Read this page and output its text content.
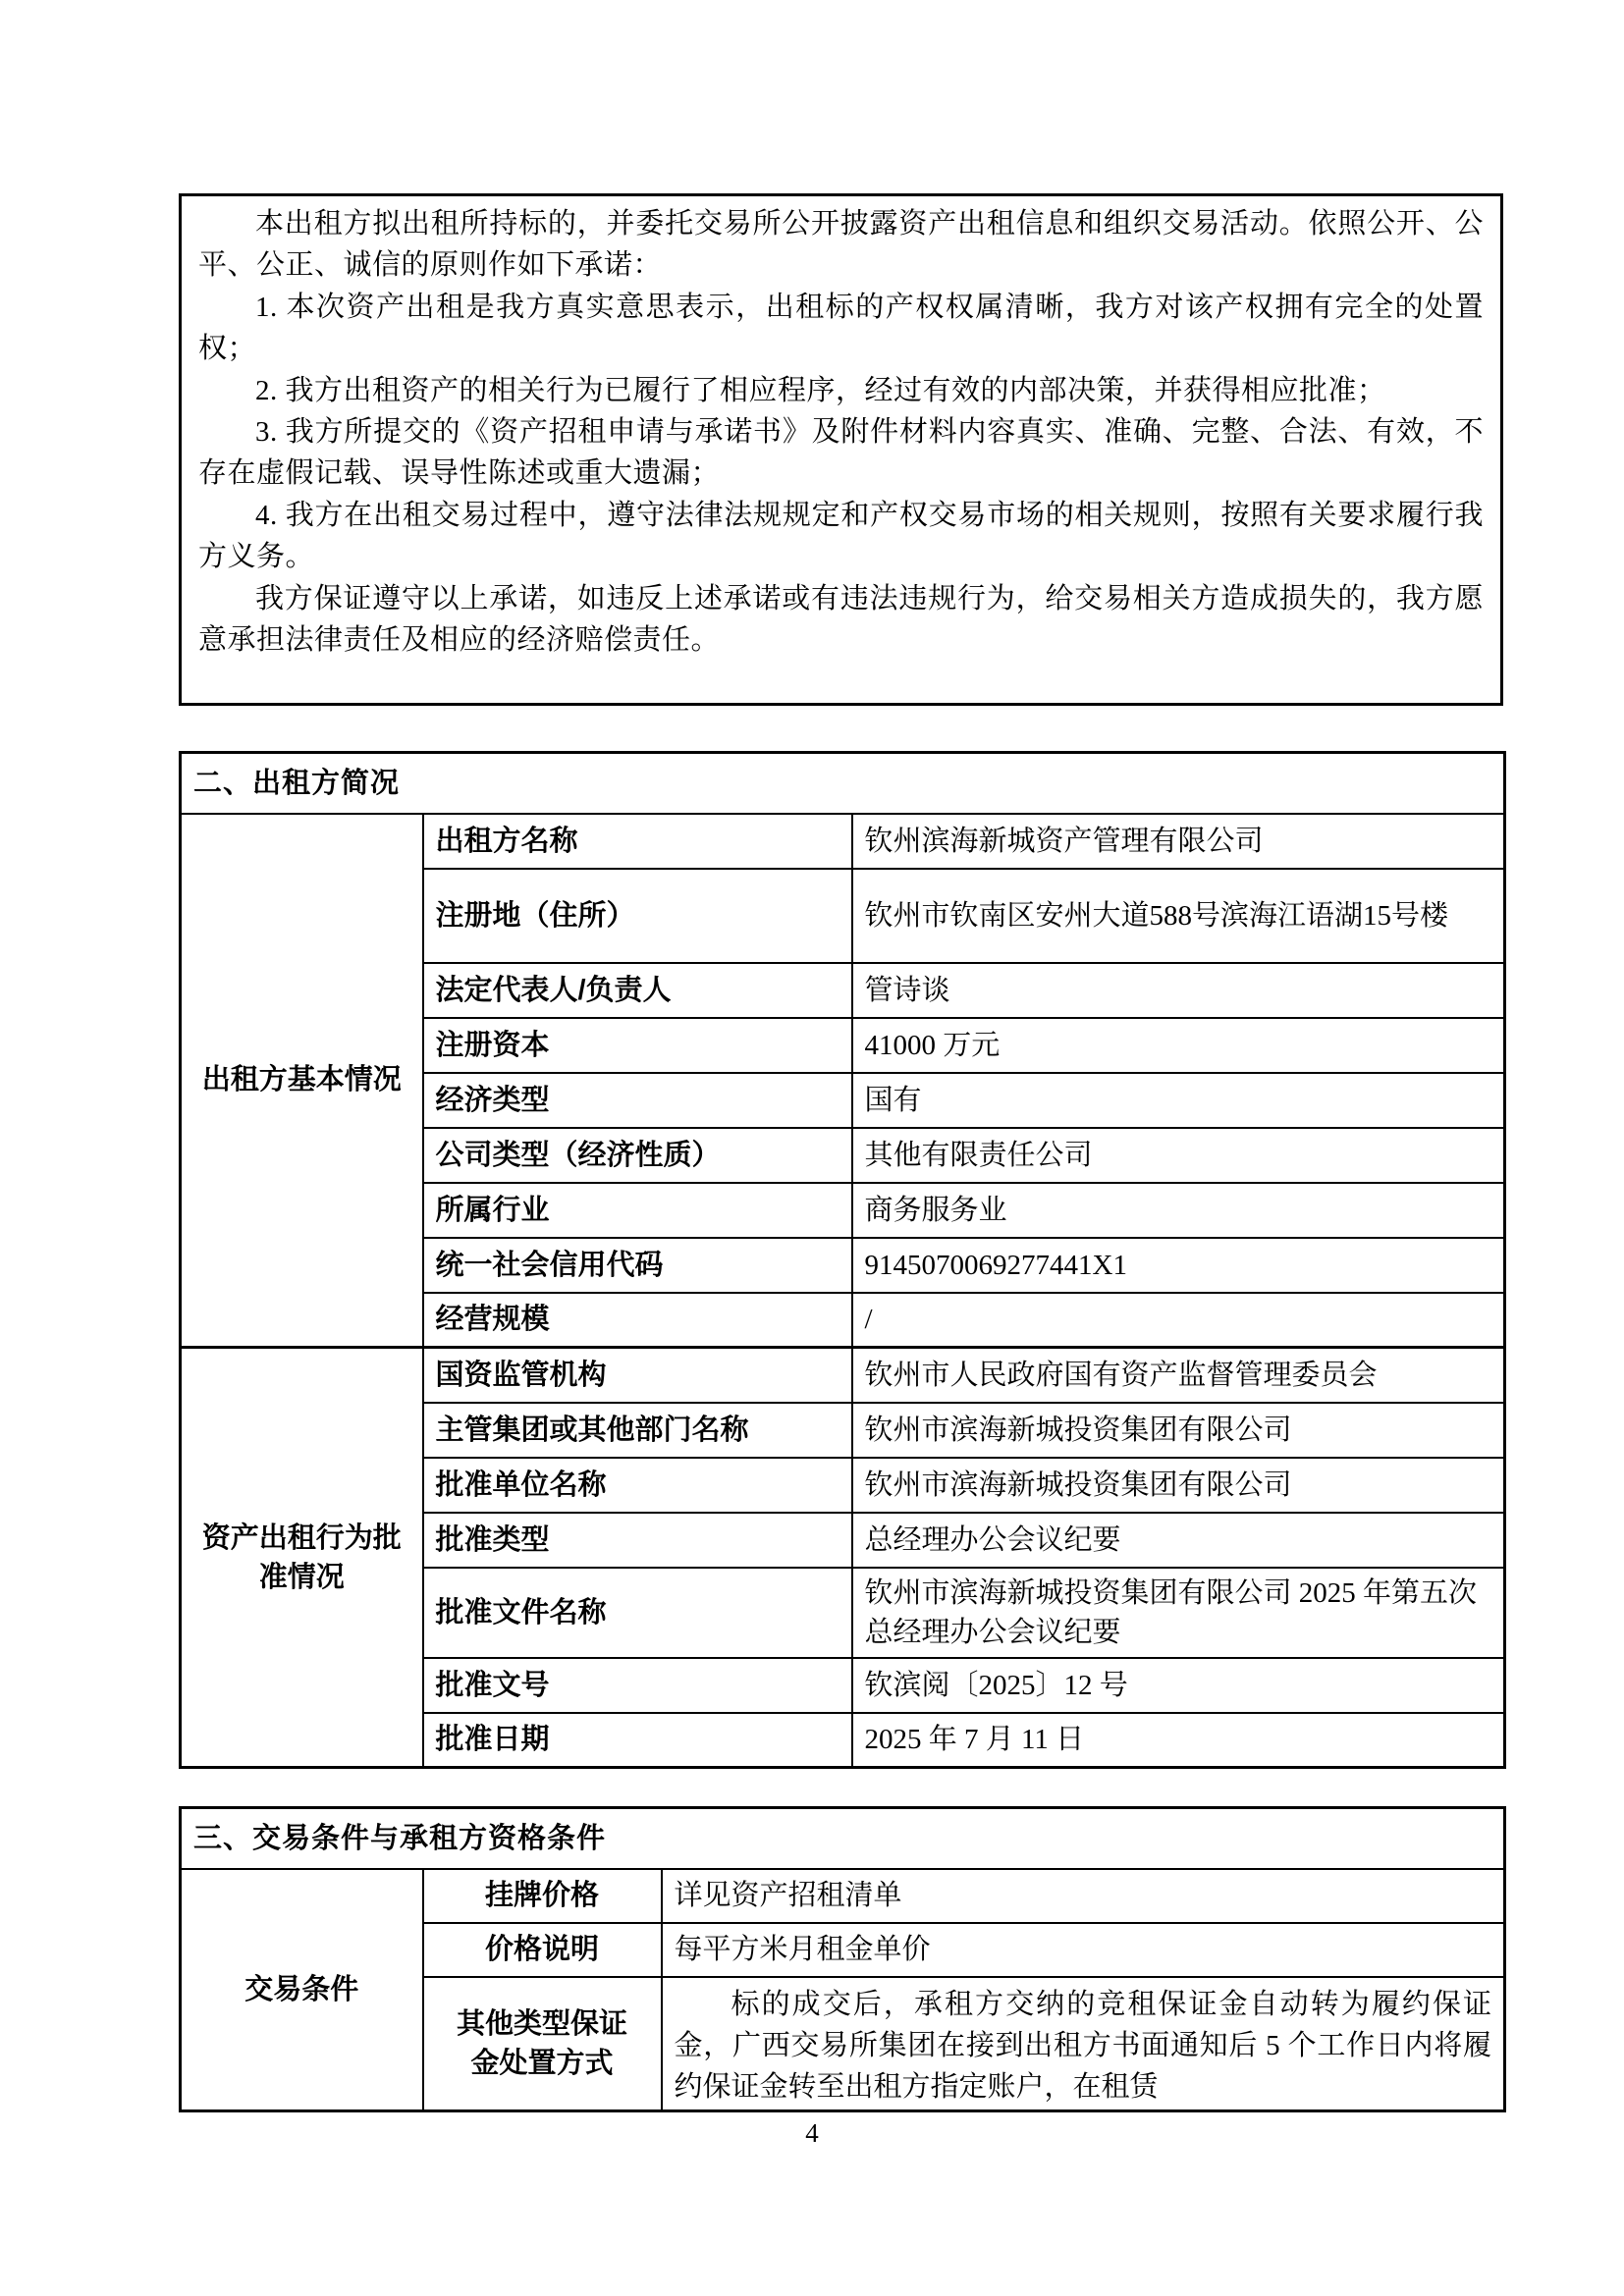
本出租方拟出租所持标的，并委托交易所公开披露资产出租信息和组织交易活动。依照公开、公平、公正、诚信的原则作如下承诺：

1. 本次资产出租是我方真实意思表示，出租标的产权权属清晰，我方对该产权拥有完全的处置权；

2. 我方出租资产的相关行为已履行了相应程序，经过有效的内部决策，并获得相应批准；

3. 我方所提交的《资产招租申请与承诺书》及附件材料内容真实、准确、完整、合法、有效，不存在虚假记载、误导性陈述或重大遗漏；

4. 我方在出租交易过程中，遵守法律法规规定和产权交易市场的相关规则，按照有关要求履行我方义务。

我方保证遵守以上承诺，如违反上述承诺或有违法违规行为，给交易相关方造成损失的，我方愿意承担法律责任及相应的经济赔偿责任。

二、出租方简况		
出租方基本情况	出租方名称	钦州滨海新城资产管理有限公司
	注册地（住所）	钦州市钦南区安州大道588号滨海江语湖15号楼
	法定代表人/负责人	管诗谈
	注册资本	41000 万元
	经济类型	国有
	公司类型（经济性质）	其他有限责任公司
	所属行业	商务服务业
	统一社会信用代码	9145070069277441X1
	经营规模	/
资产出租行为批准情况	国资监管机构	钦州市人民政府国有资产监督管理委员会
	主管集团或其他部门名称	钦州市滨海新城投资集团有限公司
	批准单位名称	钦州市滨海新城投资集团有限公司
	批准类型	总经理办公会议纪要
	批准文件名称	钦州市滨海新城投资集团有限公司 2025 年第五次总经理办公会议纪要
	批准文号	钦滨阅〔2025〕12 号
	批准日期	2025 年 7 月 11 日
三、交易条件与承租方资格条件		
交易条件	挂牌价格	详见资产招租清单
	价格说明	每平方米月租金单价
	其他类型保证金处置方式	标的成交后，承租方交纳的竞租保证金自动转为履约保证金，广西交易所集团在接到出租方书面通知后 5 个工作日内将履约保证金转至出租方指定账户，在租赁
4
